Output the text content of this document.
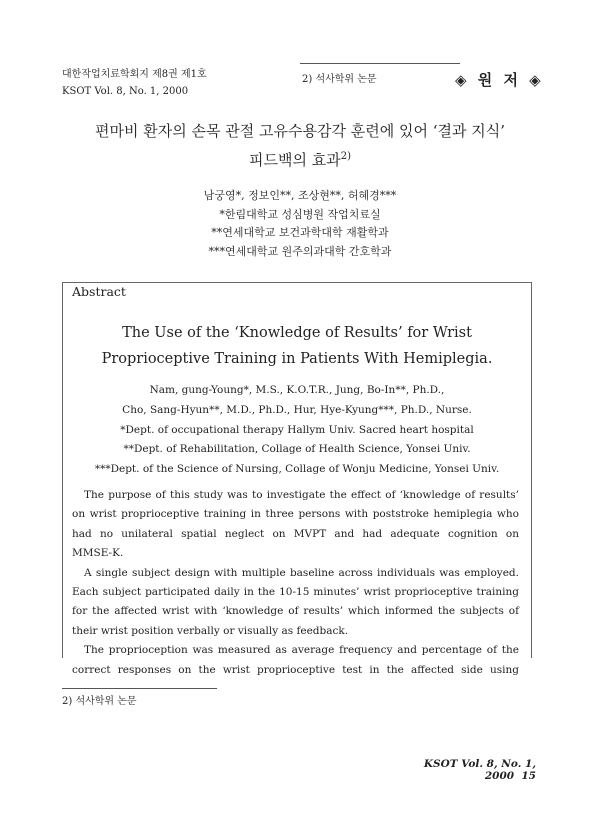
대한작업치료학회지 제8권 제1호
KSOT Vol. 8, No. 1, 2000
2) 석사학위 논문	◈ 원 저 ◈
편마비 환자의 손목 관절 고유수용감각 훈련에 있어 ‘결과 지식’
피드백의 효과$^{2)}$
남궁영*, 정보인**, 조상현**, 허혜경***
*한림대학교 성심병원 작업치료실
**연세대학교 보건과학대학 재활학과
***연세대학교 원주의과대학 간호학과
Abstract
The Use of the ‘Knowledge of Results’ for Wrist
Proprioceptive Training in Patients With Hemiplegia.
Nam, gung-Young*, M.S., K.O.T.R., Jung, Bo-In**, Ph.D.,
Cho, Sang-Hyun**, M.D., Ph.D., Hur, Hye-Kyung***, Ph.D., Nurse.
*Dept. of occupational therapy Hallym Univ. Sacred heart hospital
**Dept. of Rehabilitation, Collage of Health Science, Yonsei Univ.
***Dept. of the Science of Nursing, Collage of Wonju Medicine, Yonsei Univ.

The purpose of this study was to investigate the effect of ‘knowledge of results’

on wrist proprioceptive training in three persons with poststroke hemiplegia who

had no unilateral spatial neglect on MVPT and had adequate cognition on

MMSE-K.

A single subject design with multiple baseline across individuals was employed.

Each subject participated daily in the 10-15 minutes’ wrist proprioceptive training

for the affected wrist with ‘knowledge of results’ which informed the subjects of

their wrist position verbally or visually as feedback.

The proprioception was measured as average frequency and percentage of the

correct responses on the wrist proprioceptive test in the affected side using

2) 석사학위 논문
KSOT Vol. 8, No. 1, 2000 15
